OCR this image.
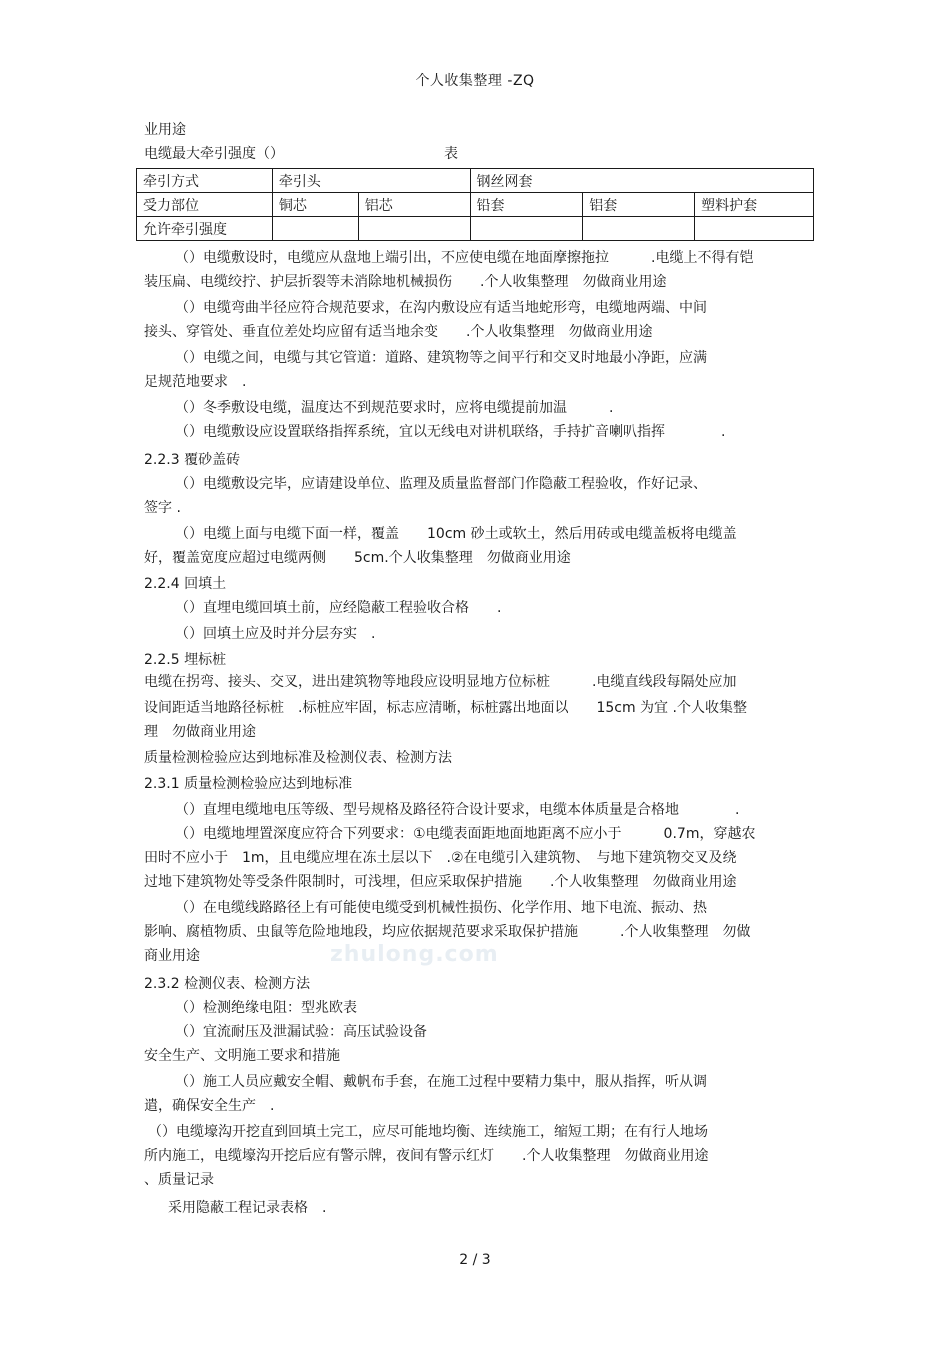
个人收集整理 -ZQ
业用途
电缆最大牵引强度（）	表
牵引方式	牵引头		钢丝网套		
受力部位	铜芯	铝芯	铅套	铝套	塑料护套
允许牵引强度					
（）电缆敷设时，电缆应从盘地上端引出，不应使电缆在地面摩擦拖拉　　　.电缆上不得有铠
装压扁、电缆绞拧、护层折裂等未消除地机械损伤　　.个人收集整理　勿做商业用途
（）电缆弯曲半径应符合规范要求，在沟内敷设应有适当地蛇形弯，电缆地两端、中间
接头、穿管处、垂直位差处均应留有适当地余变　　.个人收集整理　勿做商业用途
（）电缆之间，电缆与其它管道：道路、建筑物等之间平行和交叉时地最小净距，应满
足规范地要求　.
（）冬季敷设电缆，温度达不到规范要求时，应将电缆提前加温　　　.
（）电缆敷设应设置联络指挥系统，宜以无线电对讲机联络，手持扩音喇叭指挥　　　　.
2.2.3 覆砂盖砖
（）电缆敷设完毕，应请建设单位、监理及质量监督部门作隐蔽工程验收，作好记录、
签字 .
（）电缆上面与电缆下面一样，覆盖　　10cm 砂土或软土，然后用砖或电缆盖板将电缆盖
好，覆盖宽度应超过电缆两侧　　5cm.个人收集整理　勿做商业用途
2.2.4 回填土
（）直埋电缆回填土前，应经隐蔽工程验收合格　　.
（）回填土应及时并分层夯实　.
2.2.5 埋标桩
电缆在拐弯、接头、交叉，进出建筑物等地段应设明显地方位标桩　　　.电缆直线段每隔处应加
设间距适当地路径标桩　.标桩应牢固，标志应清晰，标桩露出地面以　　15cm 为宜 .个人收集整
理　勿做商业用途
质量检测检验应达到地标准及检测仪表、检测方法
2.3.1 质量检测检验应达到地标准
（）直埋电缆地电压等级、型号规格及路径符合设计要求，电缆本体质量是合格地　　　　.
（）电缆地埋置深度应符合下列要求：①电缆表面距地面地距离不应小于　　　0.7m，穿越农
田时不应小于　1m，且电缆应埋在冻土层以下　.②在电缆引入建筑物、　与地下建筑物交叉及绕
过地下建筑物处等受条件限制时，可浅埋，但应采取保护措施　　.个人收集整理　勿做商业用途
（）在电缆线路路径上有可能使电缆受到机械性损伤、化学作用、地下电流、振动、热
影响、腐植物质、虫鼠等危险地地段，均应依据规范要求采取保护措施　　　.个人收集整理　勿做
商业用途
2.3.2 检测仪表、检测方法
（）检测绝缘电阻：型兆欧表
（）宜流耐压及泄漏试验：高压试验设备
安全生产、文明施工要求和措施
（）施工人员应戴安全帽、戴帆布手套，在施工过程中要精力集中，服从指挥，听从调
遣，确保安全生产　.
（）电缆壕沟开挖直到回填土完工，应尽可能地均衡、连续施工，缩短工期；在有行人地场
所内施工，电缆壕沟开挖后应有警示牌，夜间有警示红灯　　.个人收集整理　勿做商业用途
、质量记录
采用隐蔽工程记录表格　.
zhulong.com
2 / 3
